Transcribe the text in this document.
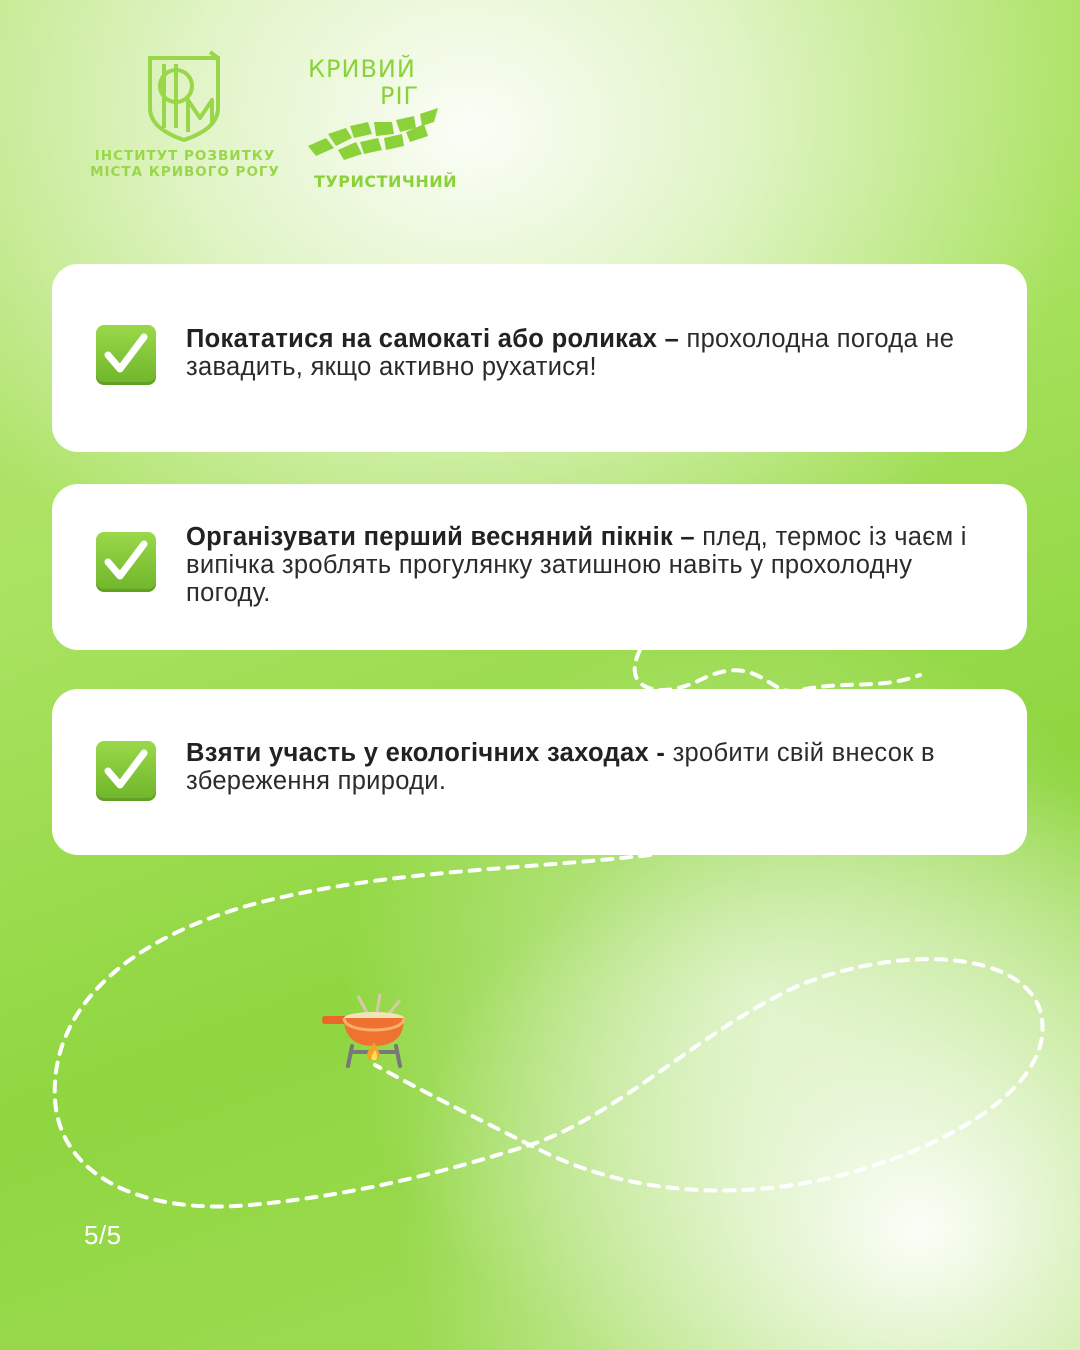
ІНСТИТУТ РОЗВИТКУ МІСТА КРИВОГО РОГУ
КРИВИЙ
РІГ
ТУРИСТИЧНИЙ
Покататися на самокаті або роликах – прохолодна погода не завадить, якщо активно рухатися!
Організувати перший весняний пікнік – плед, термос із чаєм і випічка зроблять прогулянку затишною навіть у прохолодну погоду.
Взяти участь у екологічних заходах - зробити свій внесок в збереження природи.
5/5
